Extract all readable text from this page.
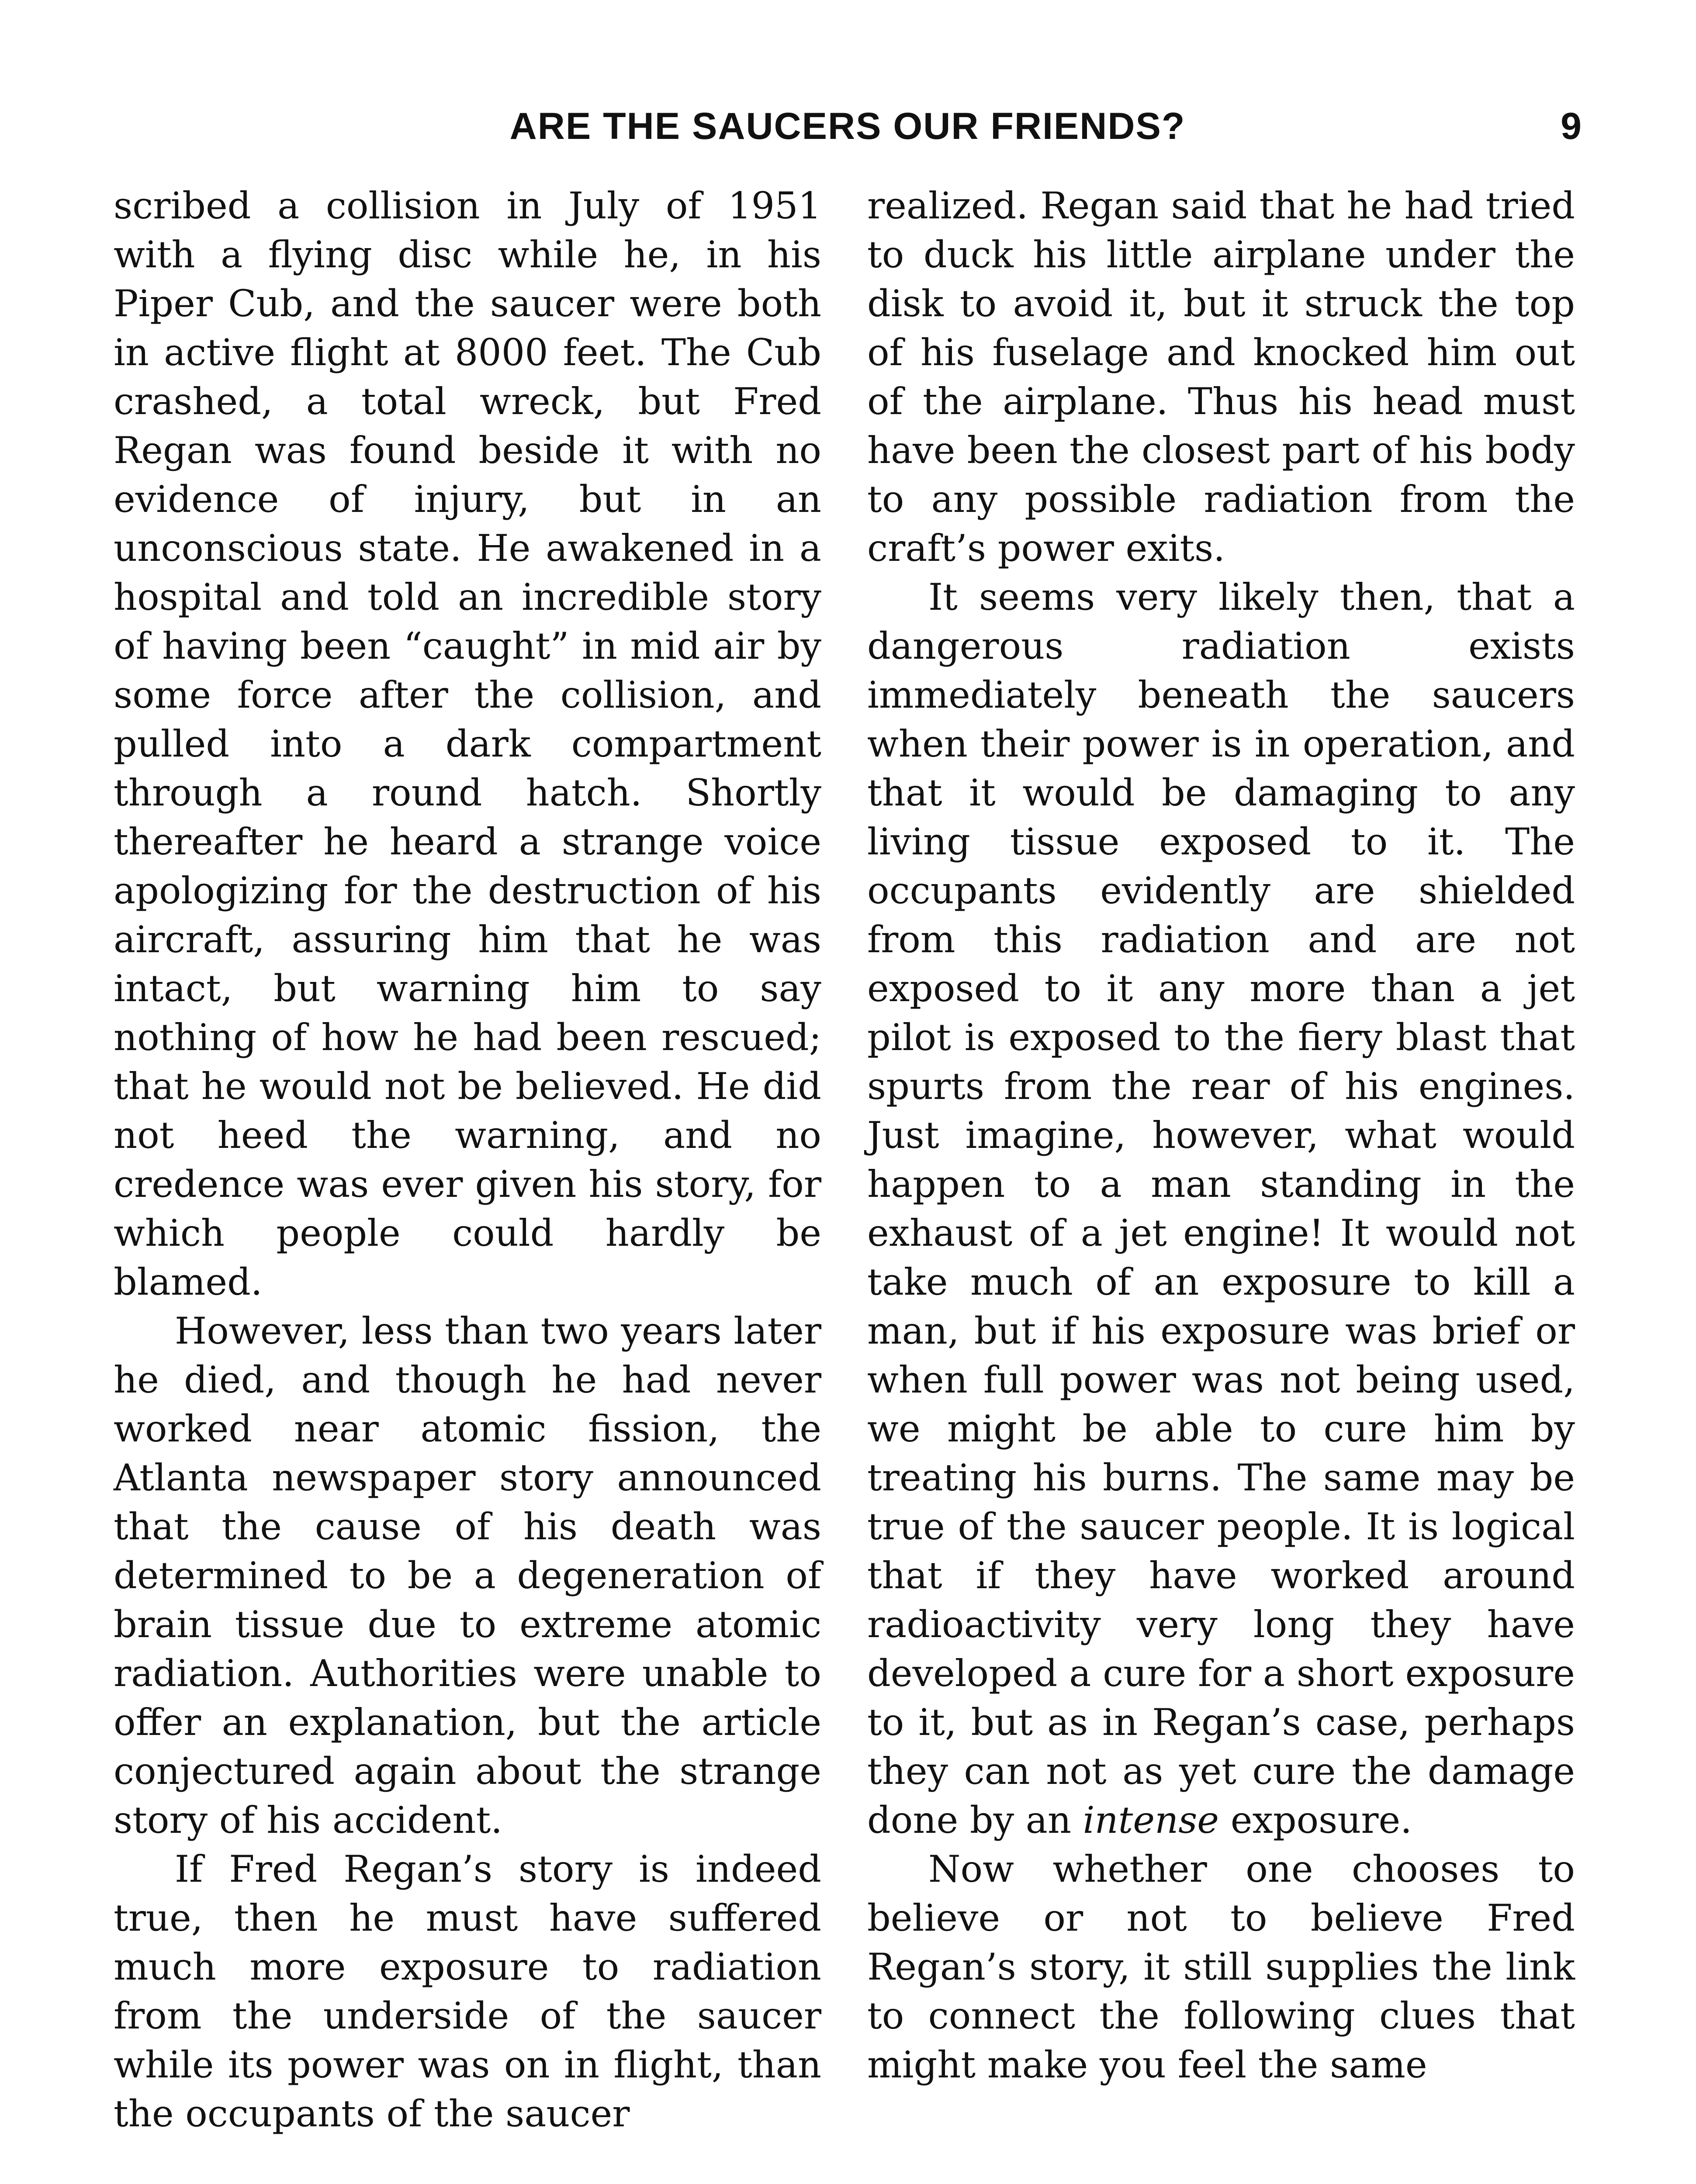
ARE THE SAUCERS OUR FRIENDS?	9

scribed a collision in July of 1951 with a flying disc while he, in his Piper Cub, and the saucer were both in active flight at 8000 feet. The Cub crashed, a total wreck, but Fred Regan was found beside it with no evidence of injury, but in an unconscious state. He awakened in a hospital and told an incredible story of having been “caught” in mid air by some force after the collision, and pulled into a dark compartment through a round hatch. Shortly thereafter he heard a strange voice apologizing for the destruction of his aircraft, assuring him that he was intact, but warning him to say nothing of how he had been rescued; that he would not be believed. He did not heed the warning, and no credence was ever given his story, for which people could hardly be blamed.

However, less than two years later he died, and though he had never worked near atomic fission, the Atlanta newspaper story announced that the cause of his death was determined to be a degeneration of brain tissue due to extreme atomic radiation. Authorities were unable to offer an explanation, but the article conjectured again about the strange story of his accident.

If Fred Regan’s story is indeed true, then he must have suffered much more exposure to radiation from the underside of the saucer while its power was on in flight, than the occupants of the saucer

realized. Regan said that he had tried to duck his little airplane under the disk to avoid it, but it struck the top of his fuselage and knocked him out of the airplane. Thus his head must have been the closest part of his body to any possible radiation from the craft’s power exits.

It seems very likely then, that a dangerous radiation exists immediately beneath the saucers when their power is in operation, and that it would be damaging to any living tissue exposed to it. The occupants evidently are shielded from this radiation and are not exposed to it any more than a jet pilot is exposed to the fiery blast that spurts from the rear of his engines. Just imagine, however, what would happen to a man standing in the exhaust of a jet engine! It would not take much of an exposure to kill a man, but if his exposure was brief or when full power was not being used, we might be able to cure him by treating his burns. The same may be true of the saucer people. It is logical that if they have worked around radioactivity very long they have developed a cure for a short exposure to it, but as in Regan’s case, perhaps they can not as yet cure the damage done by an intense exposure.

Now whether one chooses to believe or not to believe Fred Regan’s story, it still supplies the link to connect the following clues that might make you feel the same
